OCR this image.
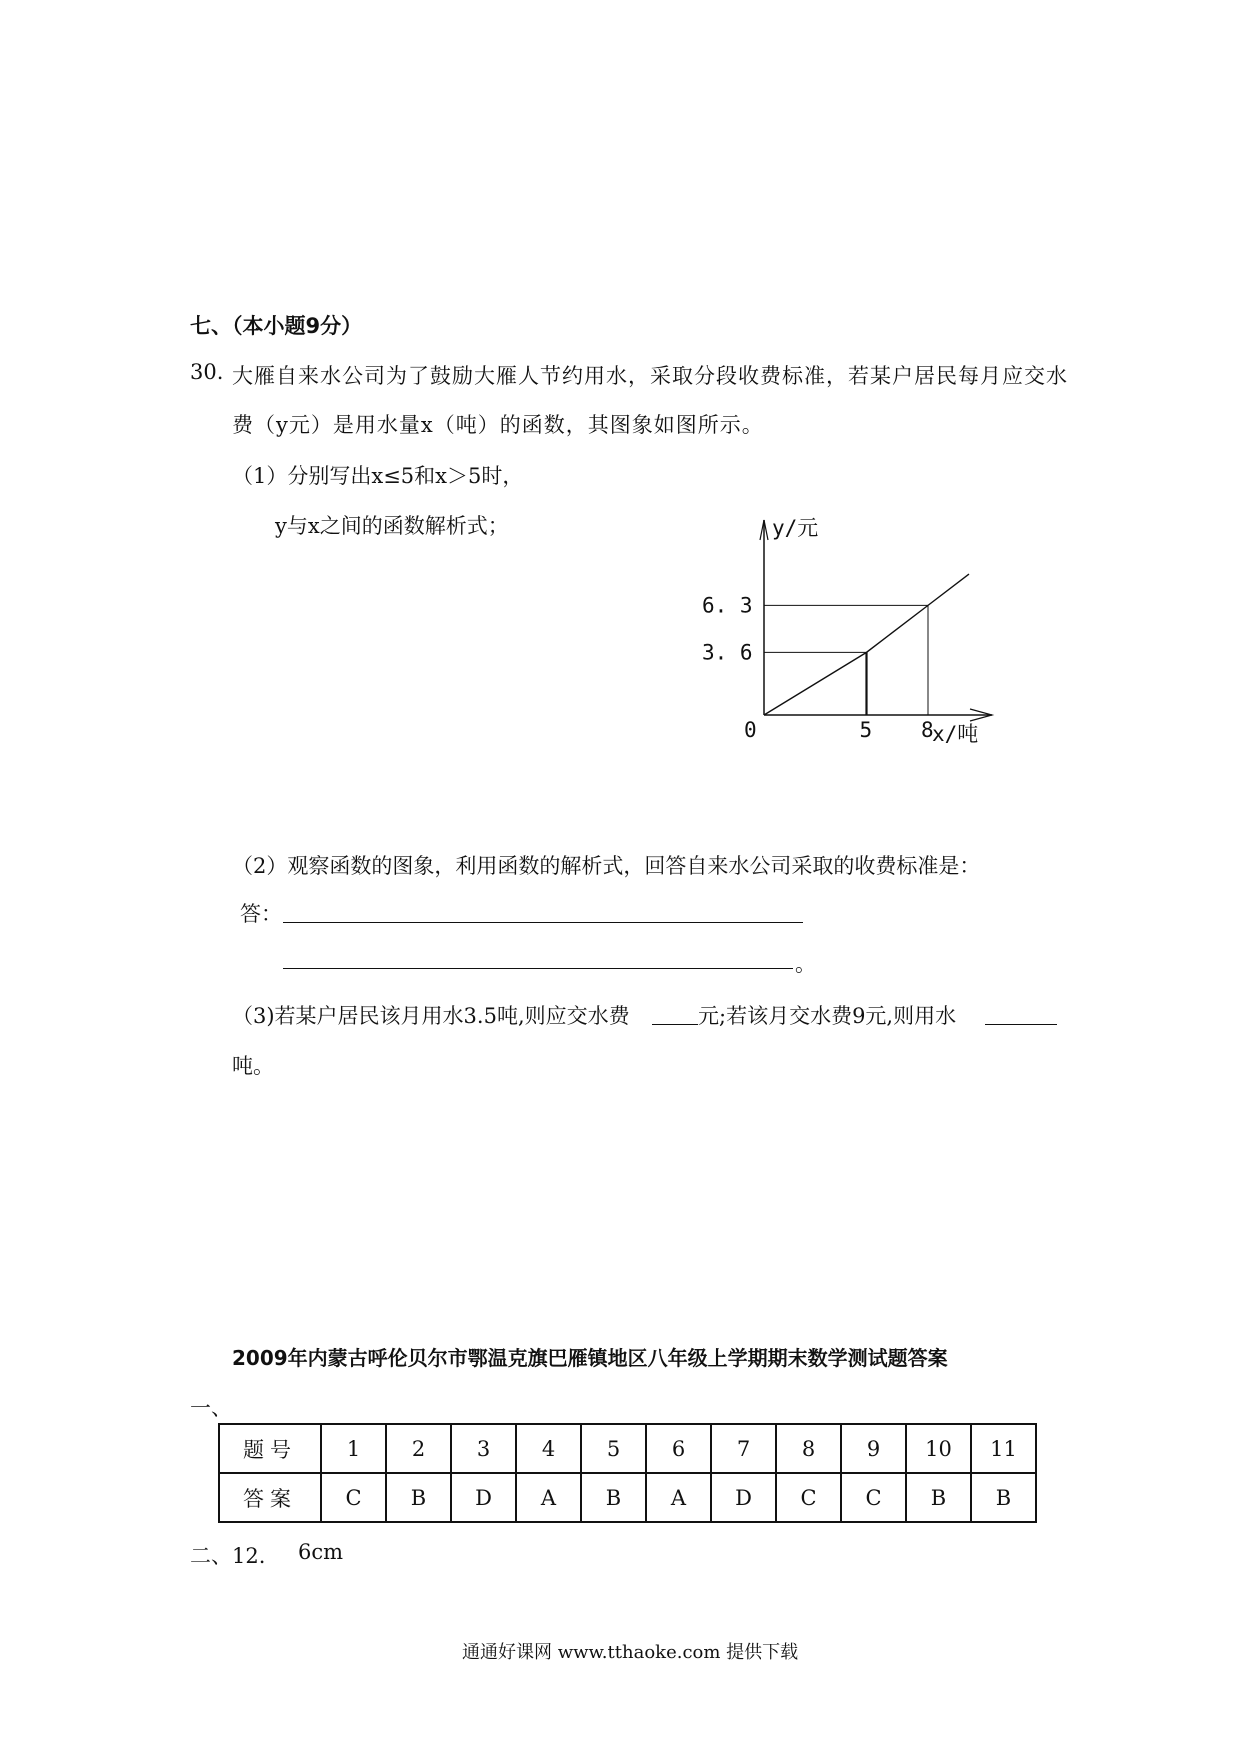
七、（本小题9分）
30. 大雁自来水公司为了鼓励大雁人节约用水，采取分段收费标准，若某户居民每月应交水
费（y元）是用水量x（吨）的函数，其图象如图所示。
（1）分别写出x≤5和x＞5时，
y与x之间的函数解析式；	y/元
x/吨
0	5 8
3. 6
6. 3
（2）观察函数的图象，利用函数的解析式，回答自来水公司采取的收费标准是：
答：
。
（3)若某户居民该月用水3.5吨,则应交水费	元;若该月交水费9元,则用水
吨。
2009年内蒙古呼伦贝尔市鄂温克旗巴雁镇地区八年级上学期期末数学测试题答案
一、
题号	1	2	3	4	5	6	7	8	9	10	11
答案	C	B	D	A	B	A	D	C	C	B	B
二、12. 6cm
通通好课网 www.tthaoke.com 提供下载
